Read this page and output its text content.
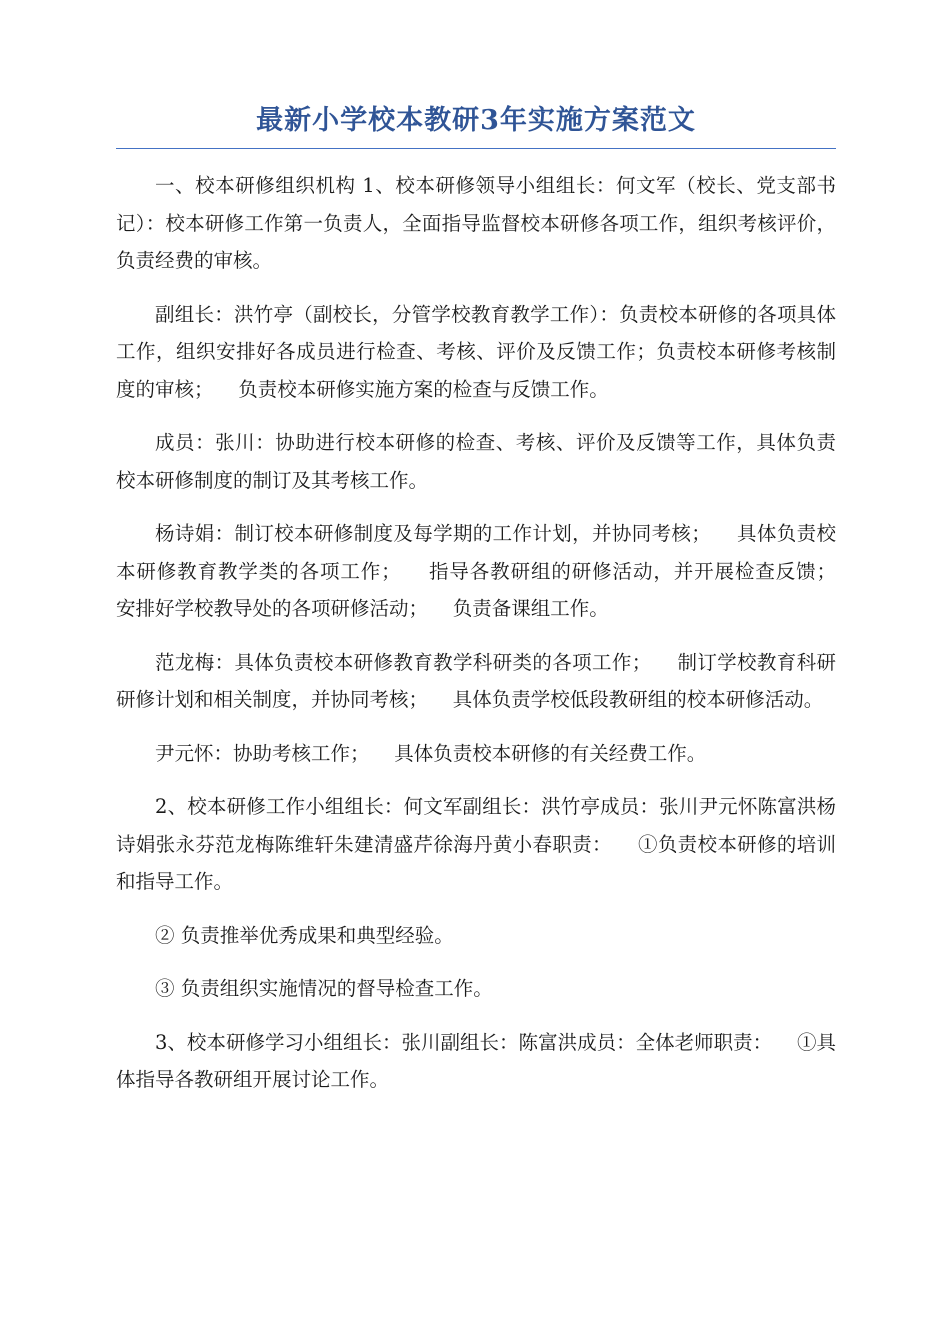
最新小学校本教研3年实施方案范文

一、校本研修组织机构 1、校本研修领导小组组长：何文军（校长、党支部书记）：校本研修工作第一负责人，全面指导监督校本研修各项工作，组织考核评价，负责经费的审核。

副组长：洪竹亭（副校长，分管学校教育教学工作）：负责校本研修的各项具体工作，组织安排好各成员进行检查、考核、评价及反馈工作；负责校本研修考核制度的审核；    负责校本研修实施方案的检查与反馈工作。

成员：张川：协助进行校本研修的检查、考核、评价及反馈等工作，具体负责校本研修制度的制订及其考核工作。

杨诗娟：制订校本研修制度及每学期的工作计划，并协同考核；    具体负责校本研修教育教学类的各项工作；    指导各教研组的研修活动，并开展检查反馈；    安排好学校教导处的各项研修活动；    负责备课组工作。

范龙梅：具体负责校本研修教育教学科研类的各项工作；    制订学校教育科研研修计划和相关制度，并协同考核；    具体负责学校低段教研组的校本研修活动。

尹元怀：协助考核工作；    具体负责校本研修的有关经费工作。

2、校本研修工作小组组长：何文军副组长：洪竹亭成员：张川尹元怀陈富洪杨诗娟张永芬范龙梅陈维轩朱建清盛芹徐海丹黄小春职责：    ①负责校本研修的培训和指导工作。

② 负责推举优秀成果和典型经验。

③ 负责组织实施情况的督导检查工作。

3、校本研修学习小组组长：张川副组长：陈富洪成员：全体老师职责：    ①具体指导各教研组开展讨论工作。
